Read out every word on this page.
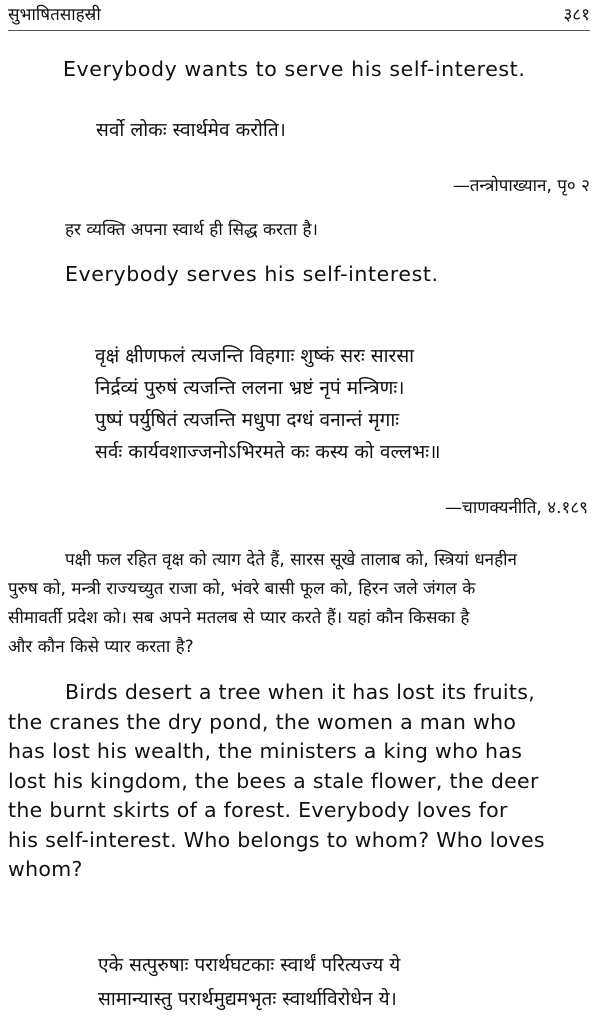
सुभाषितसाहस्री	३८१
Everybody wants to serve his self-interest.
सर्वो लोकः स्वार्थमेव करोति।
—तन्त्रोपाख्यान, पृ० २
हर व्यक्ति अपना स्वार्थ ही सिद्ध करता है।
Everybody serves his self-interest.
वृक्षं क्षीणफलं त्यजन्ति विहगाः शुष्कं सरः सारसा
निर्द्रव्यं पुरुषं त्यजन्ति ललना भ्रष्टं नृपं मन्त्रिणः।
पुष्पं पर्युषितं त्यजन्ति मधुपा दग्धं वनान्तं मृगाः
सर्वः कार्यवशाज्जनोऽभिरमते कः कस्य को वल्लभः॥
—चाणक्यनीति, ४.१८९
पक्षी फल रहित वृक्ष को त्याग देते हैं, सारस सूखे तालाब को, स्त्रियां धनहीन
पुरुष को, मन्त्री राज्यच्युत राजा को, भंवरे बासी फूल को, हिरन जले जंगल के
सीमावर्ती प्रदेश को। सब अपने मतलब से प्यार करते हैं। यहां कौन किसका है
और कौन किसे प्यार करता है?
Birds desert a tree when it has lost its fruits,
the cranes the dry pond, the women a man who
has lost his wealth, the ministers a king who has
lost his kingdom, the bees a stale flower, the deer
the burnt skirts of a forest. Everybody loves for
his self-interest. Who belongs to whom? Who loves
whom?
एके सत्पुरुषाः परार्थघटकाः स्वार्थं परित्यज्य ये
सामान्यास्तु परार्थमुद्यमभृतः स्वार्थाविरोधेन ये।
